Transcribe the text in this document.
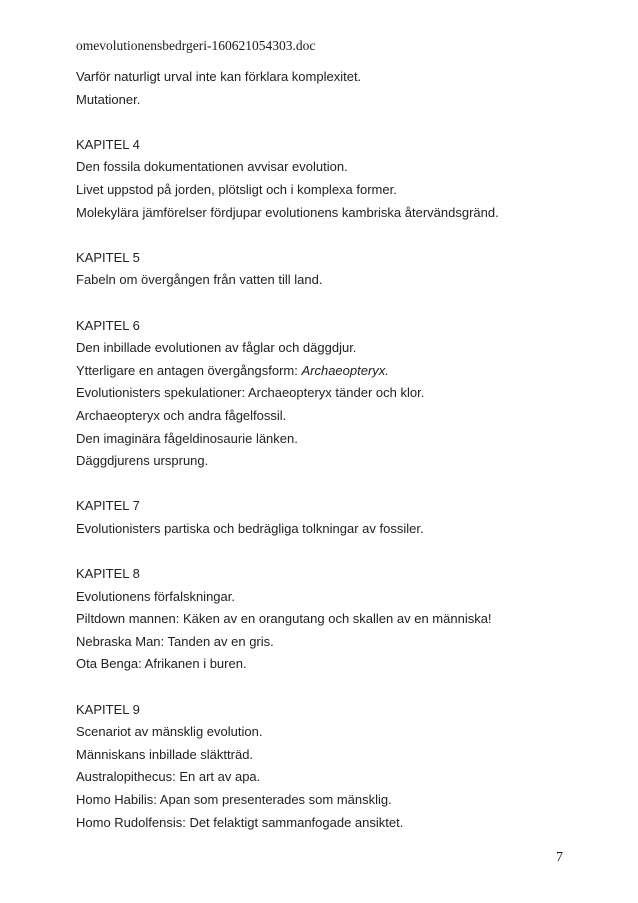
omevolutionensbedrgeri-160621054303.doc
Varför naturligt urval inte kan förklara komplexitet.
Mutationer.
KAPITEL 4
Den fossila dokumentationen avvisar evolution.
Livet uppstod på jorden, plötsligt och i komplexa former.
Molekylära jämförelser fördjupar evolutionens kambriska återvändsgränd.
KAPITEL 5
Fabeln om övergången från vatten till land.
KAPITEL 6
Den inbillade evolutionen av fåglar och däggdjur.
Ytterligare en antagen övergångsform: Archaeopteryx.
Evolutionisters spekulationer: Archaeopteryx tänder och klor.
Archaeopteryx och andra fågelfossil.
Den imaginära fågeldinosaurie länken.
Däggdjurens ursprung.
KAPITEL 7
Evolutionisters partiska och bedrägliga tolkningar av fossiler.
KAPITEL 8
Evolutionens förfalskningar.
Piltdown mannen: Käken av en orangutang och skallen av en människa!
Nebraska Man: Tanden av en gris.
Ota Benga: Afrikanen i buren.
KAPITEL 9
Scenariot av mänsklig evolution.
Människans inbillade släktträd.
Australopithecus: En art av apa.
Homo Habilis: Apan som presenterades som mänsklig.
Homo Rudolfensis: Det felaktigt sammanfogade ansiktet.
7
